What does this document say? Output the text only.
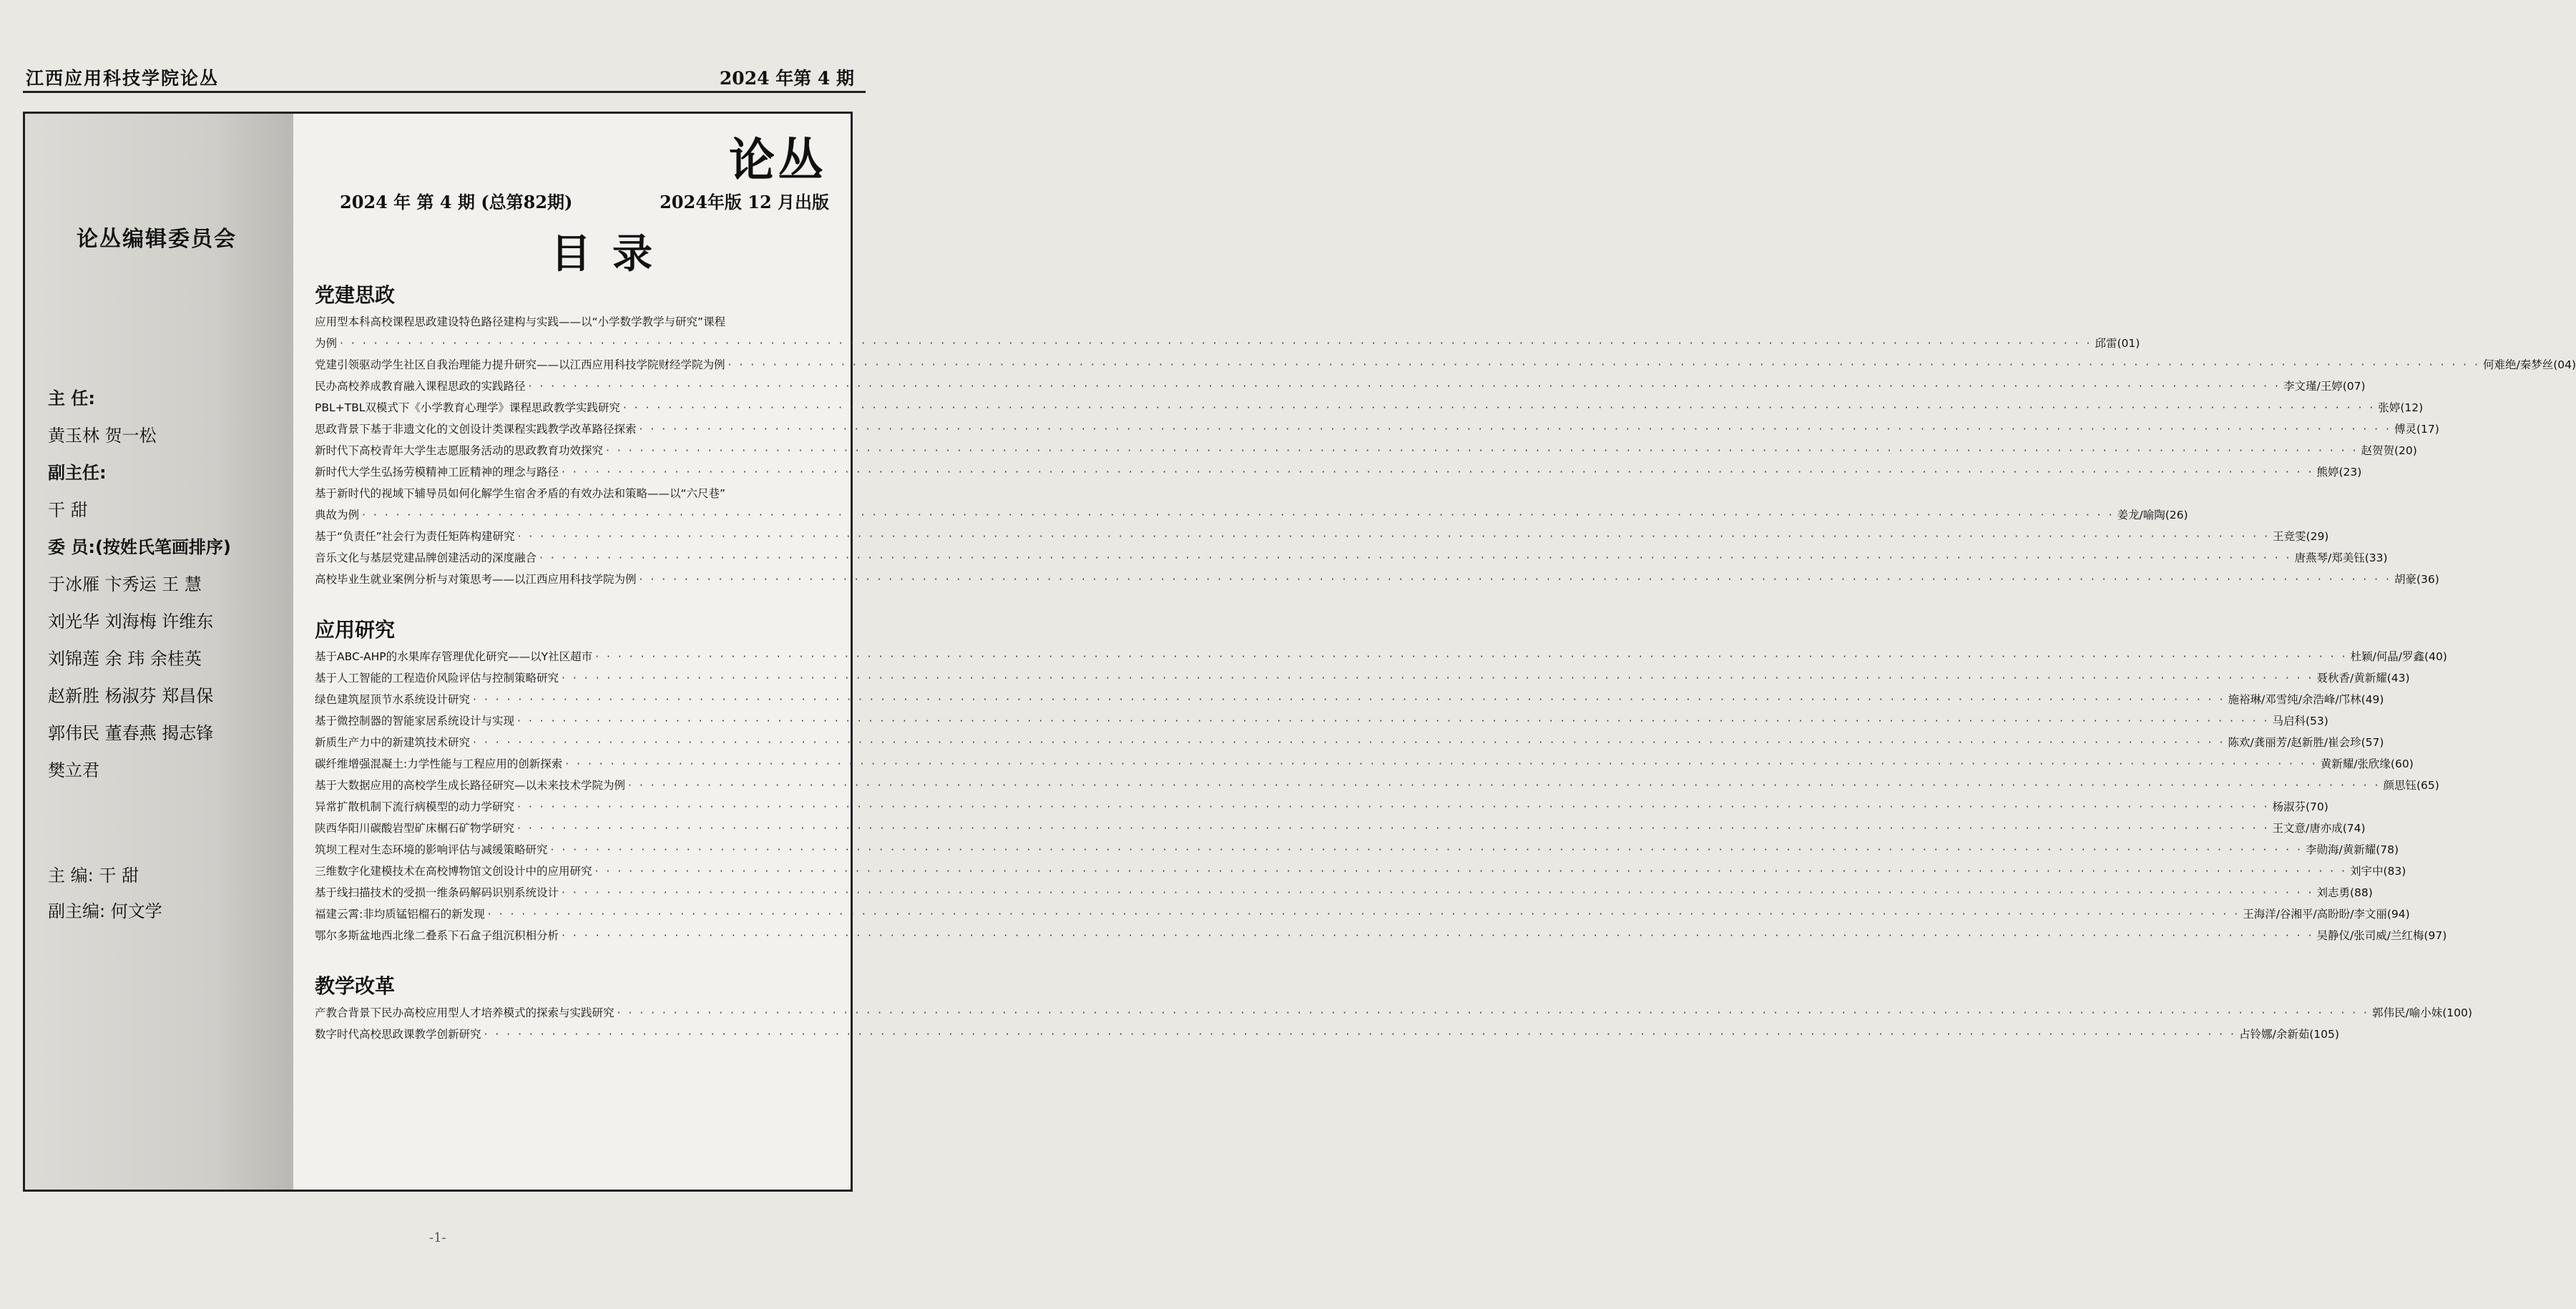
江西应用科技学院论丛	2024 年第 4 期
论丛
2024 年 第 4 期 (总第82期)	2024年版 12 月出版
目录
论丛编辑委员会
主 任:
黄玉林 贺一松
副主任:
干 甜
委 员:(按姓氏笔画排序)
于冰雁 卞秀运 王 慧
刘光华 刘海梅 许维东
刘锦莲 余 玮 余桂英
赵新胜 杨淑芬 郑昌保
郭伟民 董春燕 揭志锋
樊立君
主 编: 干 甜
副主编: 何文学
党建思政
应用型本科高校课程思政建设特色路径建构与实践——以“小学数学教学与研究”课程
为例 · · ·	邱雷 (01)
党建引领驱动学生社区自我治理能力提升研究——以江西应用科技学院财经学院为例 · · ·	何难绝/秦梦丝 (04)
民办高校养成教育融入课程思政的实践路径 · · ·	李文瑾/王婷 (07)
PBL+TBL双模式下《小学教育心理学》课程思政教学实践研究 · · ·	张婷 (12)
思政背景下基于非遗文化的文创设计类课程实践教学改革路径探索 · · ·	傅灵 (17)
新时代下高校青年大学生志愿服务活动的思政教育功效探究 · · ·	赵贺贺 (20)
新时代大学生弘扬劳模精神工匠精神的理念与路径 · · ·	熊婷 (23)
基于新时代的视域下辅导员如何化解学生宿舍矛盾的有效办法和策略——以“六尺巷”
典故为例 · · ·	姜龙/喻陶 (26)
基于“负责任”社会行为责任矩阵构建研究 · · ·	王竞雯 (29)
音乐文化与基层党建品牌创建活动的深度融合 · · ·	唐燕琴/郑美钰 (33)
高校毕业生就业案例分析与对策思考——以江西应用科技学院为例 · · ·	胡豪 (36)
应用研究
基于ABC-AHP的水果库存管理优化研究——以Y社区超市 · · ·	杜颖/何晶/罗鑫 (40)
基于人工智能的工程造价风险评估与控制策略研究 · · ·	聂秋香/黄新耀 (43)
绿色建筑屋顶节水系统设计研究 · · ·	施裕琳/邓雪纯/余浩峰/邝林 (49)
基于微控制器的智能家居系统设计与实现 · · ·	马启科 (53)
新质生产力中的新建筑技术研究 · · ·	陈欢/龚丽芳/赵新胜/崔会珍 (57)
碳纤维增强混凝土:力学性能与工程应用的创新探索 · · ·	黄新耀/张欣缘 (60)
基于大数据应用的高校学生成长路径研究—以未来技术学院为例 · · ·	颜思钰 (65)
异常扩散机制下流行病模型的动力学研究 · · ·	杨淑芬 (70)
陕西华阳川碳酸岩型矿床榍石矿物学研究 · · ·	王文意/唐亦成 (74)
筑坝工程对生态环境的影响评估与减缓策略研究 · · ·	李勋海/黄新耀 (78)
三维数字化建模技术在高校博物馆文创设计中的应用研究 · · ·	刘宇中 (83)
基于线扫描技术的受损一维条码解码识别系统设计 · · ·	刘志勇 (88)
福建云霄:非均质锰铝榴石的新发现 · · ·	王海洋/谷湘平/高盼盼/李文丽 (94)
鄂尔多斯盆地西北缘二叠系下石盒子组沉积相分析 · · ·	吴静仪/张司威/兰红梅 (97)
教学改革
产教合背景下民办高校应用型人才培养模式的探索与实践研究 · · ·	郭伟民/喻小妹 (100)
数字时代高校思政课教学创新研究 · · ·	占铃娜/余新茹 (105)
-1-
